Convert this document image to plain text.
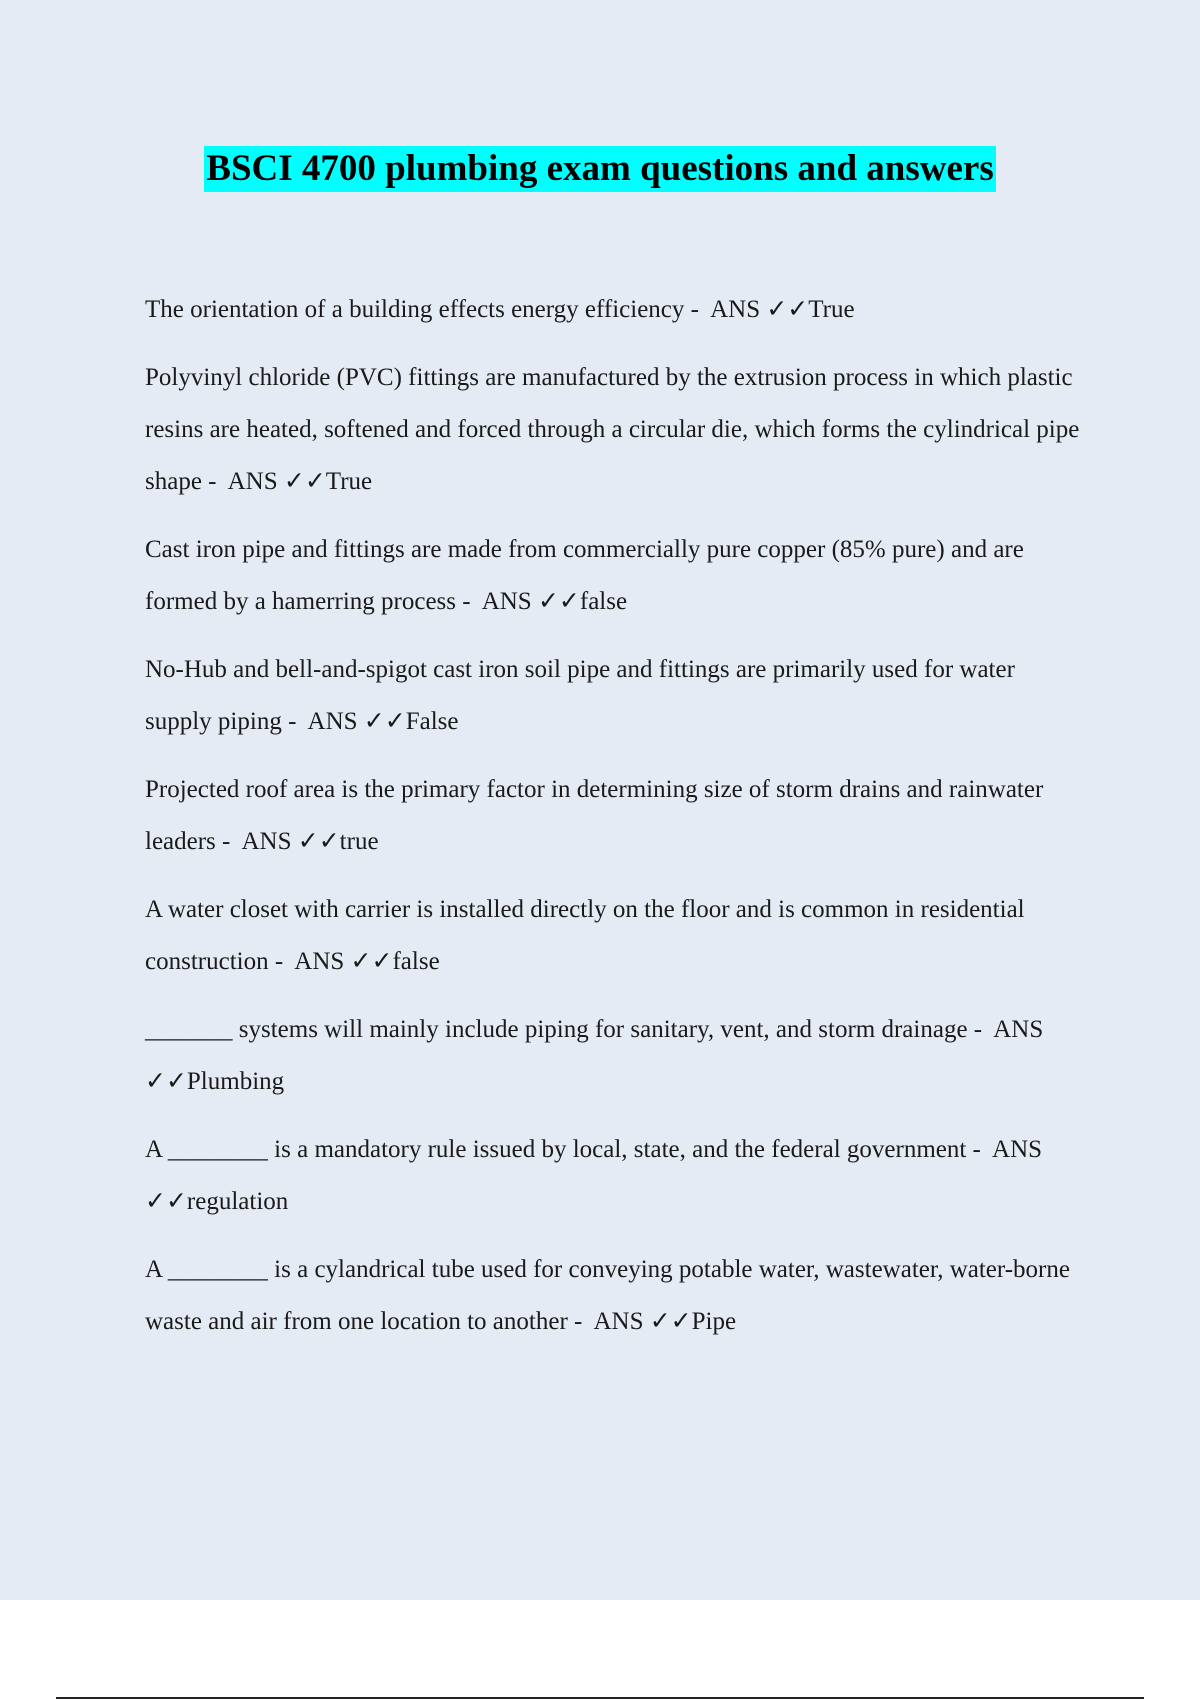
BSCI 4700 plumbing exam questions and answers
The orientation of a building effects energy efficiency - ANS ✓✓True
Polyvinyl chloride (PVC) fittings are manufactured by the extrusion process in which plastic resins are heated, softened and forced through a circular die, which forms the cylindrical pipe shape - ANS ✓✓True
Cast iron pipe and fittings are made from commercially pure copper (85% pure) and are formed by a hamerring process - ANS ✓✓false
No-Hub and bell-and-spigot cast iron soil pipe and fittings are primarily used for water supply piping - ANS ✓✓False
Projected roof area is the primary factor in determining size of storm drains and rainwater leaders - ANS ✓✓true
A water closet with carrier is installed directly on the floor and is common in residential construction - ANS ✓✓false
_______ systems will mainly include piping for sanitary, vent, and storm drainage - ANS ✓✓Plumbing
A ________ is a mandatory rule issued by local, state, and the federal government - ANS ✓✓regulation
A ________ is a cylandrical tube used for conveying potable water, wastewater, water-borne waste and air from one location to another - ANS ✓✓Pipe
